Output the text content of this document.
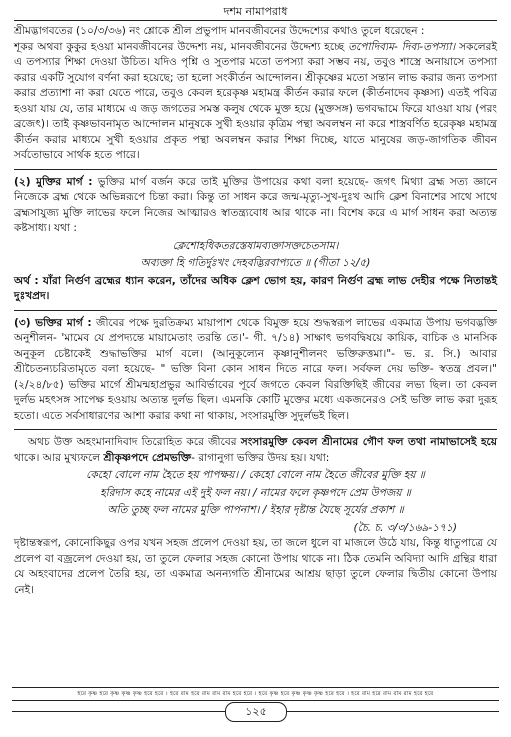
দশম নামাপরাধ

শ্রীমদ্ভাগবতের (১০/৩/৩৬) নং শ্লোকে শ্রীল প্রভুপাদ মানবজীবনের উদ্দেশ্যের কথাও তুলে ধরেছেন :
শূকর অথবা কুকুর হওয়া মানবজীবনের উদ্দেশ্য নয়, মানবজীবনের উদ্দেশ্য হচ্ছে তপোদিব্যম- দিব্য-তপস্যা। সকলেরই এ তপস্যার শিক্ষা দেওয়া উচিত। যদিও পৃশ্নি ও সুতপার মতো তপস্যা করা সম্ভব নয়, তবুও শাস্ত্রে অনায়াসে তপস্যা করার একটি সুযোগ বর্ণনা করা হয়েছে; তা হলো সংকীর্তন আন্দোলন। শ্রীকৃষ্ণের মতো সন্তান লাভ করার জন্য তপস্যা করার প্রত্যাশা না করা যেতে পারে, তবুও কেবল হরেকৃষ্ণ মহামন্ত্র কীর্তন করার ফলে (কীর্তনাদেব কৃষ্ণস্য) এতই পবিত্র হওয়া যায় যে, তার মাধ্যমে এ জড় জগতের সমস্ত কলুষ থেকে মুক্ত হয়ে (মুক্তসঙ্গ) ভগবদ্ধামে ফিরে যাওয়া যায় (পরং ব্রজেৎ)। তাই কৃষ্ণভাবনামৃত আন্দোলন মানুষকে সুখী হওয়ার কৃত্রিম পন্থা অবলম্বন না করে শাস্ত্রবর্ণিত হরেকৃষ্ণ মহামন্ত্র কীর্তন করার মাধ্যমে সুখী হওয়ার প্রকৃত পন্থা অবলম্বন করার শিক্ষা দিচ্ছে, যাতে মানুষের জড়-জাগতিক জীবন সর্বতোভাবে সার্থক হতে পারে।

(২) মুক্তির মার্গ : ভুক্তির মার্গ বর্জন করে তাই মুক্তির উপায়ের কথা বলা হয়েছে- জগৎ মিথ্যা ব্রহ্ম সত্য জ্ঞানে নিজেকে ব্রহ্ম থেকে অভিন্নরূপে চিন্তা করা। কিন্তু তা সাধন করে জন্ম-মৃত্যু-সুখ-দুঃখ আদি ক্লেশ বিনাশের সাথে সাথে ব্রহ্মসাযুজ্য মুক্তি লাভের ফলে নিজের আত্মারও স্বাতন্ত্র্যবোধ আর থাকে না। বিশেষ করে এ মার্গ সাধন করা অত্যন্ত কষ্টসাধ্য। যথা :

ক্লেশোহধিকতরস্তেষামব্যক্তাসক্তচেতসাম।
অব্যক্তা হি গতির্দুঃখং দেহবদ্ভিরবাপ্যতে ॥ (গীতা ১২/৫)

অর্থ : যাঁরা নির্গুণ ব্রহ্মের ধ্যান করেন, তাঁদের অধিক ক্লেশ ভোগ হয়, কারণ নির্গুণ ব্রহ্ম লাভ দেহীর পক্ষে নিতান্তই দুঃখপ্রদ।

(৩) ভক্তির মার্গ : জীবের পক্ষে দুরতিক্রম্য মায়াপাশ থেকে বিমুক্ত হয়ে শুদ্ধস্বরূপ লাভের একমাত্র উপায় ভগবদ্ভক্তি অনুশীলন- 'মামেব যে প্রপদ্যন্তে মায়ামেতাং তরন্তি তে।'- গী. ৭/১৪) সাক্ষাৎ ভগবদ্বিষয়ে কায়িক, বাচিক ও মানসিক অনুকূল চেষ্টাকেই শুদ্ধাভক্তির মার্গ বলে। (আনুকূল্যেন কৃষ্ণানুশীলনং ভক্তিরুত্তমা।"- ভ. র. সি.) আবার শ্রীচৈতন্যচরিতামৃতে বলা হয়েছে- " ভক্তি বিনা কোন সাধন দিতে নারে ফল। সর্বফল দেয় ভক্তি- স্বতন্ত্র প্রবল।" (২/২৪/৮৫) ভক্তির মার্গে শ্রীমন্মহাপ্রভুর আবির্ভাবের পূর্বে জগতে কেবল বিরক্তিছিই জীবের লভ্য ছিল। তা কেবল দুর্লভ মহৎসঙ্গ সাপেক্ষ হওয়ায় অত্যন্ত দুর্লভ ছিল। এমনকি কোটি মুক্তের মধ্যে একজনেরও সেই ভক্তি লাভ করা দুরূহ হতো। এতে সর্বসাধারণের আশা করার কথা না থাকায়, সংসারমুক্তি সুদুর্লভই ছিল।

অথচ উক্ত অহংমানাদিবাদ তিরোহিত করে জীবের সংসারমুক্তি কেবল শ্রীনামের গৌণ ফল তথা নামাভাসেই হয়ে থাকে। আর মুখ্যফলে শ্রীকৃষ্ণপদে প্রেমভক্তি- রাগানুগা ভক্তির উদয় হয়। যথা:

কেহো বোলে নাম হৈতে হয় পাপক্ষয়। / কেহো বোলে নাম হৈতে জীবের মুক্তি হয় ॥
হরিদাস কহে নামের এই দুই ফল নয়। / নামের ফলে কৃষ্ণপদে প্রেম উপজয় ॥
অতি তুচ্ছ ফল নামের মুক্তি পাপনাশ। / ইহার দৃষ্টান্ত যৈছে সূর্যের প্রকাশ ॥
(চৈ. চ. ৩/৩/১৬৯-১৭১)

দৃষ্টান্তস্বরূপ, কোনোকিছুর ওপর যখন সহজ প্রলেপ দেওয়া হয়, তা জলে ধুলে বা মাজলে উঠে যায়, কিন্তু ধাতুপাত্রে যে প্রলেপ বা বজ্রলেপ দেওয়া হয়, তা তুলে ফেলার সহজ কোনো উপায় থাকে না। ঠিক তেমনি অবিদ্যা আদি গ্রন্থির ধারা যে অহংবাদের প্রলেপ তৈরি হয়, তা একমাত্র অনন্যগতি শ্রীনামের আশ্রয় ছাড়া তুলে ফেলার দ্বিতীয় কোনো উপায় নেই।

হরে কৃষ্ণ হরে কৃষ্ণ কৃষ্ণ কৃষ্ণ হরে হরে । হরে রাম হরে রাম রাম রাম হরে হরে । হরে কৃষ্ণ হরে কৃষ্ণ কৃষ্ণ কৃষ্ণ হরে হরে । হরে রাম হরে রাম রাম রাম হরে হরে
১২৫
